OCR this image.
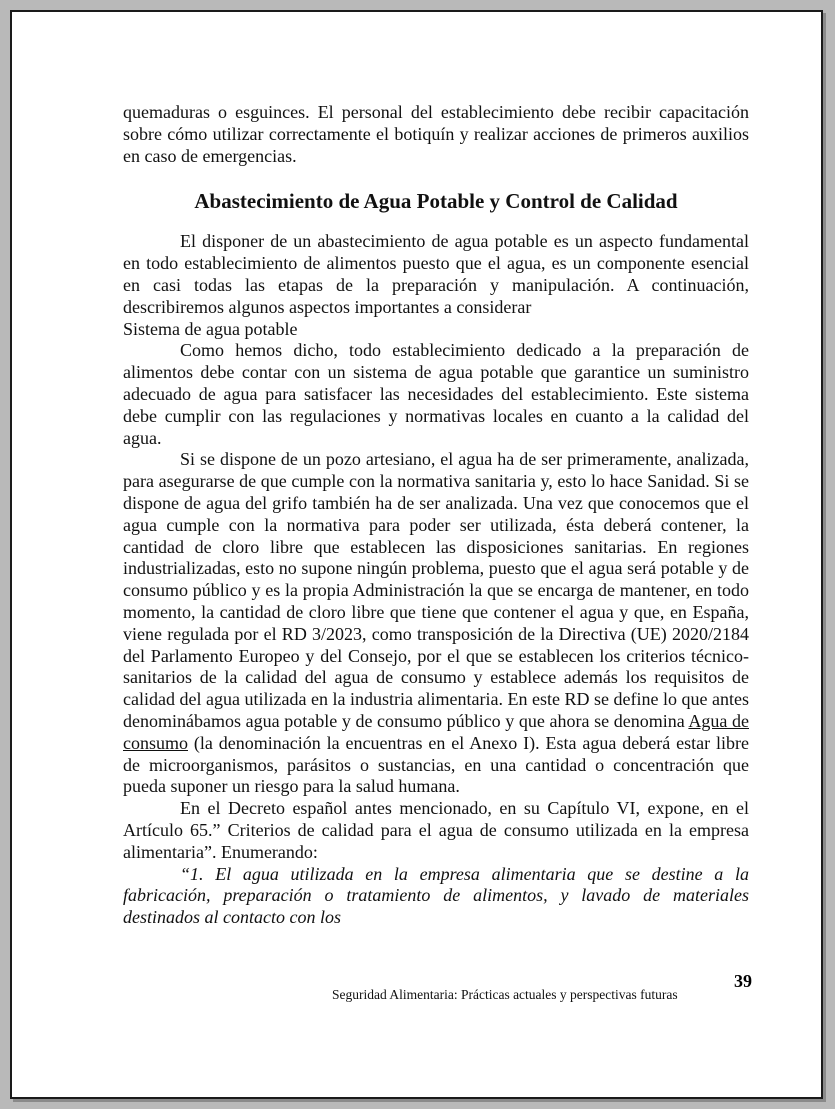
quemaduras o esguinces. El personal del establecimiento debe recibir capacitación sobre cómo utilizar correctamente el botiquín y realizar acciones de primeros auxilios en caso de emergencias.

Abastecimiento de Agua Potable y Control de Calidad

El disponer de un abastecimiento de agua potable es un aspecto fundamental en todo establecimiento de alimentos puesto que el agua, es un componente esencial en casi todas las etapas de la preparación y manipulación. A continuación, describiremos algunos aspectos importantes a considerar

Sistema de agua potable

Como hemos dicho, todo establecimiento dedicado a la preparación de alimentos debe contar con un sistema de agua potable que garantice un suministro adecuado de agua para satisfacer las necesidades del establecimiento. Este sistema debe cumplir con las regulaciones y normativas locales en cuanto a la calidad del agua.

Si se dispone de un pozo artesiano, el agua ha de ser primeramente, analizada, para asegurarse de que cumple con la normativa sanitaria y, esto lo hace Sanidad. Si se dispone de agua del grifo también ha de ser analizada. Una vez que conocemos que el agua cumple con la normativa para poder ser utilizada, ésta deberá contener, la cantidad de cloro libre que establecen las disposiciones sanitarias. En regiones industrializadas, esto no supone ningún problema, puesto que el agua será potable y de consumo público y es la propia Administración la que se encarga de mantener, en todo momento, la cantidad de cloro libre que tiene que contener el agua y que, en España, viene regulada por el RD 3/2023, como transposición de la Directiva (UE) 2020/2184 del Parlamento Europeo y del Consejo, por el que se establecen los criterios técnico-sanitarios de la calidad del agua de consumo y establece además los requisitos de calidad del agua utilizada en la industria alimentaria. En este RD se define lo que antes denominábamos agua potable y de consumo público y que ahora se denomina Agua de consumo (la denominación la encuentras en el Anexo I). Esta agua deberá estar libre de microorganismos, parásitos o sustancias, en una cantidad o concentración que pueda suponer un riesgo para la salud humana.

En el Decreto español antes mencionado, en su Capítulo VI, expone, en el Artículo 65.” Criterios de calidad para el agua de consumo utilizada en la empresa alimentaria”. Enumerando:

“1. El agua utilizada en la empresa alimentaria que se destine a la fabricación, preparación o tratamiento de alimentos, y lavado de materiales destinados al contacto con los

39
Seguridad Alimentaria: Prácticas actuales y perspectivas futuras
